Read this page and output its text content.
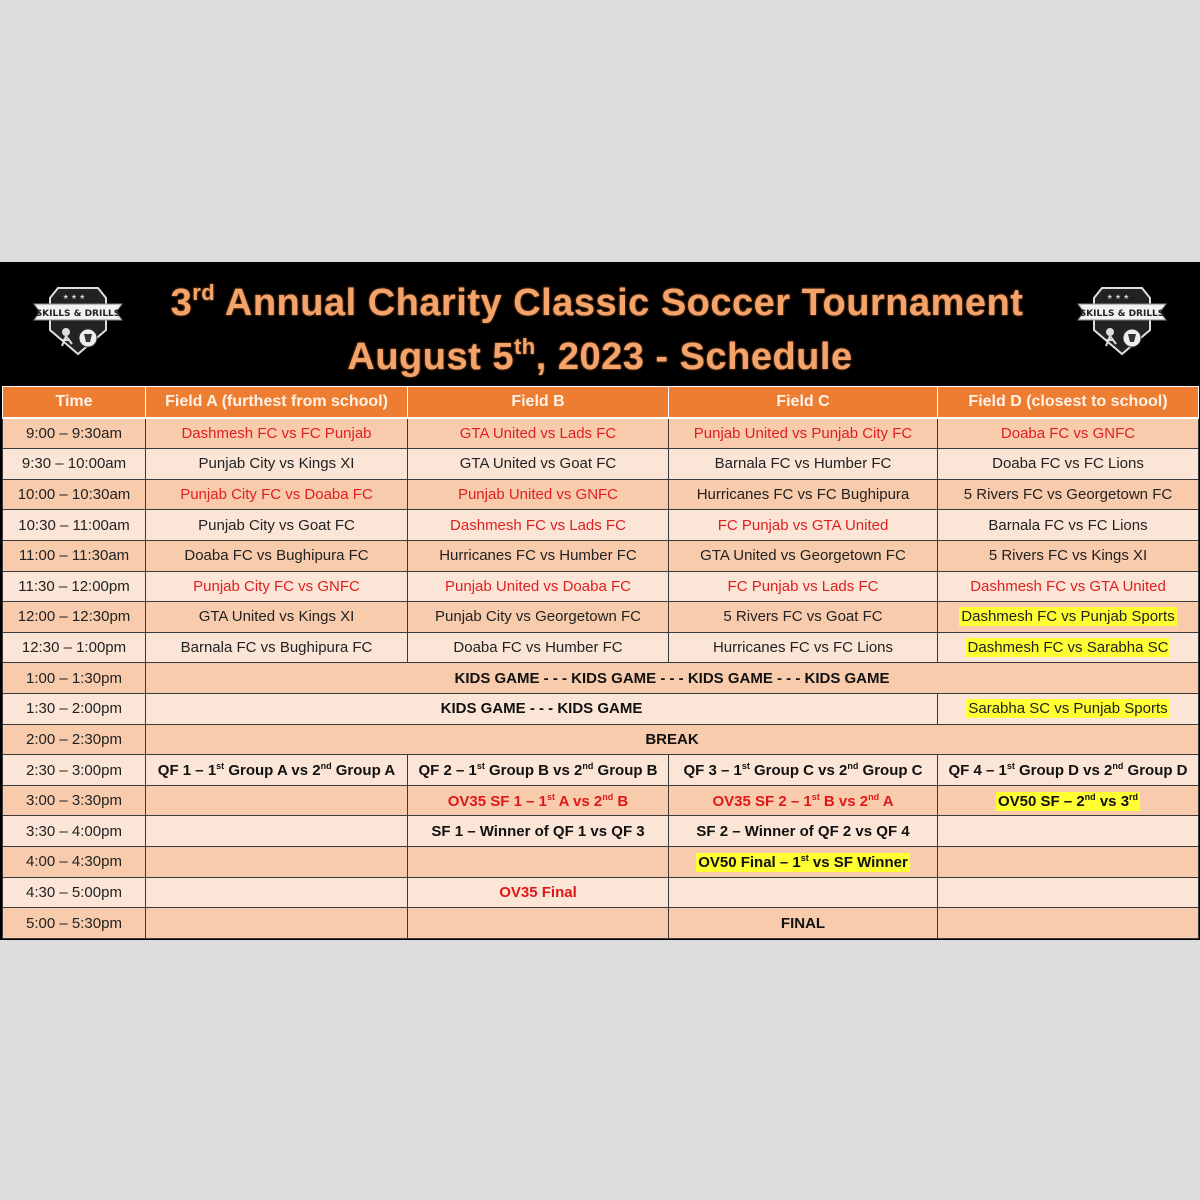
SKILLS & DRILLS
★ ★ ★	3rd Annual Charity Classic Soccer Tournament
August 5th, 2023 - Schedule
SKILLS & DRILLS
★ ★ ★
Time	Field A (furthest from school)	Field B	Field C	Field D (closest to school)
9:00 – 9:30am	Dashmesh FC vs FC Punjab	GTA United vs Lads FC	Punjab United vs Punjab City FC	Doaba FC vs GNFC
9:30 – 10:00am	Punjab City vs Kings XI	GTA United vs Goat FC	Barnala FC vs Humber FC	Doaba FC vs FC Lions
10:00 – 10:30am	Punjab City FC vs Doaba FC	Punjab United vs GNFC	Hurricanes FC vs FC Bughipura	5 Rivers FC vs Georgetown FC
10:30 – 11:00am	Punjab City vs Goat FC	Dashmesh FC vs Lads FC	FC Punjab vs GTA United	Barnala FC vs FC Lions
11:00 – 11:30am	Doaba FC vs Bughipura FC	Hurricanes FC vs Humber FC	GTA United vs Georgetown FC	5 Rivers FC vs Kings XI
11:30 – 12:00pm	Punjab City FC vs GNFC	Punjab United vs Doaba FC	FC Punjab vs Lads FC	Dashmesh FC vs GTA United
12:00 – 12:30pm	GTA United vs Kings XI	Punjab City vs Georgetown FC	5 Rivers FC vs Goat FC	Dashmesh FC vs Punjab Sports
12:30 – 1:00pm	Barnala FC vs Bughipura FC	Doaba FC vs Humber FC	Hurricanes FC vs FC Lions	Dashmesh FC vs Sarabha SC
1:00 – 1:30pm	KIDS GAME - - - KIDS GAME - - - KIDS GAME - - - KIDS GAME			
1:30 – 2:00pm	KIDS GAME - - - KIDS GAME			Sarabha SC vs Punjab Sports
2:00 – 2:30pm	BREAK			
2:30 – 3:00pm	QF 1 – 1st Group A vs 2nd Group A	QF 2 – 1st Group B vs 2nd Group B	QF 3 – 1st Group C vs 2nd Group C	QF 4 – 1st Group D vs 2nd Group D
3:00 – 3:30pm		OV35 SF 1 – 1st A vs 2nd B	OV35 SF 2 – 1st B vs 2nd A	OV50 SF – 2nd vs 3rd
3:30 – 4:00pm		SF 1 – Winner of QF 1 vs QF 3	SF 2 – Winner of QF 2 vs QF 4	
4:00 – 4:30pm			OV50 Final – 1st vs SF Winner	
4:30 – 5:00pm		OV35 Final		
5:00 – 5:30pm			FINAL	
